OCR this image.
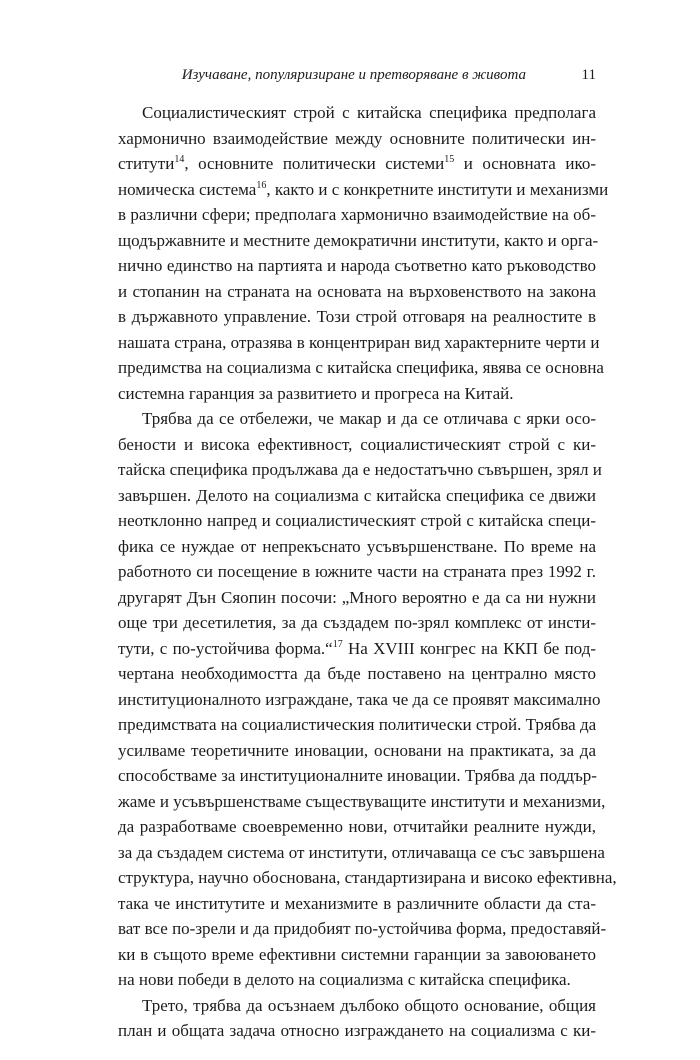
Изучаване, популяризиране и претворяване в живота	11
Социалистическият строй с китайска специфика предполага
хармонично взаимодействие между основните политически ин-
ститути$^{14}$, основните политически системи$^{15}$ и основната ико-
номическа система$^{16}$, както и с конкретните институти и механизми
в различни сфери; предполага хармонично взаимодействие на об-
щодържавните и местните демократични институти, както и орга-
нично единство на партията и народа съответно като ръководство
и стопанин на страната на основата на върховенството на закона
в държавното управление. Този строй отговаря на реалностите в
нашата страна, отразява в концентриран вид характерните черти и
предимства на социализма с китайска специфика, явява се основна
системна гаранция за развитието и прогреса на Китай.
Трябва да се отбележи, че макар и да се отличава с ярки осо-
бености и висока ефективност, социалистическият строй с ки-
тайска специфика продължава да е недостатъчно съвършен, зрял и
завършен. Делото на социализма с китайска специфика се движи
неотклонно напред и социалистическият строй с китайска специ-
фика се нуждае от непрекъснато усъвършенстване. По време на
работното си посещение в южните части на страната през 1992 г.
другарят Дън Сяопин посочи: „Много вероятно е да са ни нужни
още три десетилетия, за да създадем по-зрял комплекс от инсти-
тути, с по-устойчива форма.“$^{17}$ На XVIII конгрес на ККП бе под-
чертана необходимостта да бъде поставено на централно място
институционалното изграждане, така че да се проявят максимално
предимствата на социалистическия политически строй. Трябва да
усилваме теоретичните иновации, основани на практиката, за да
способстваме за институционалните иновации. Трябва да поддър-
жаме и усъвършенстваме съществуващите институти и механизми,
да разработваме своевременно нови, отчитайки реалните нужди,
за да създадем система от институти, отличаваща се със завършена
структура, научно обоснована, стандартизирана и високо ефективна,
така че институтите и механизмите в различните области да ста-
ват все по-зрели и да придобият по-устойчива форма, предоставяй-
ки в същото време ефективни системни гаранции за завоюването
на нови победи в делото на социализма с китайска специфика.
Трето, трябва да осъзнаем дълбоко общото основание, общия
план и общата задача относно изграждането на социализма с ки-
